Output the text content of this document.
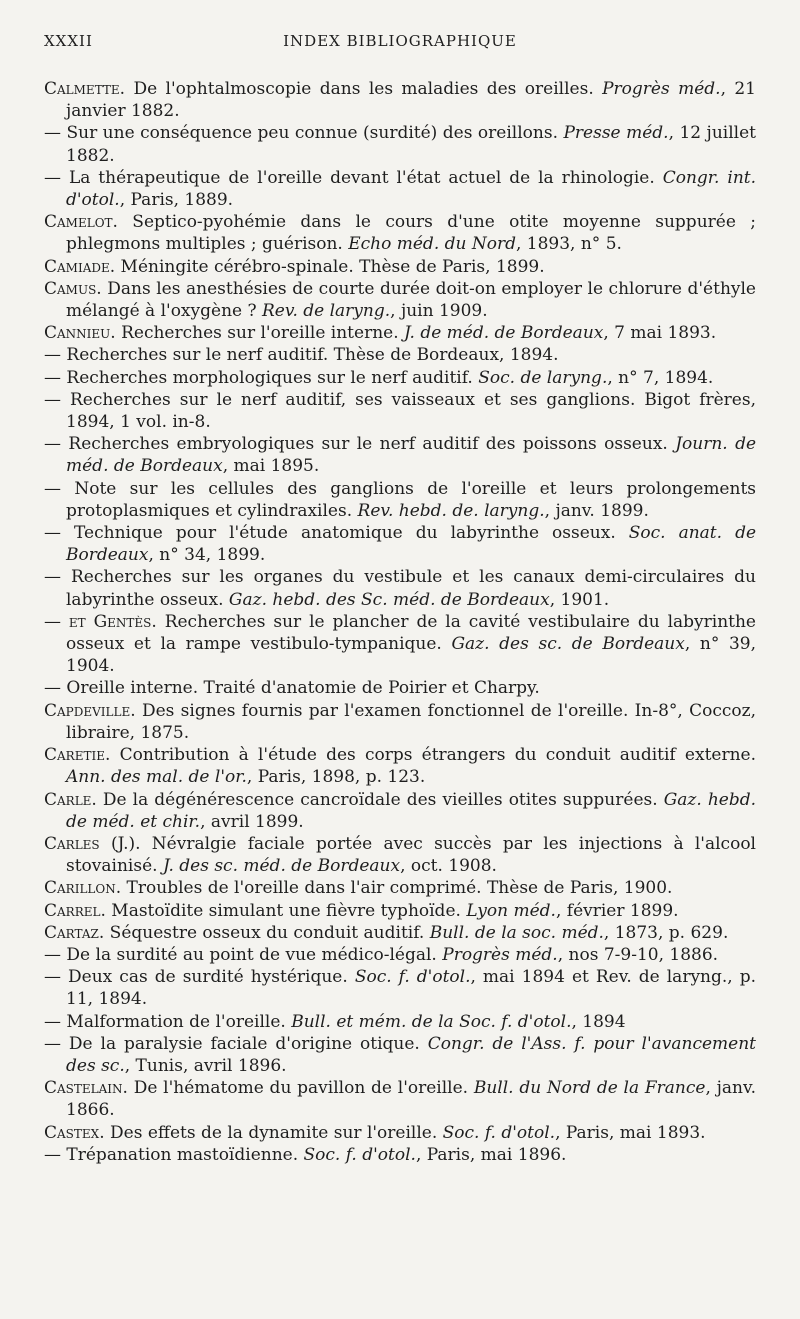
XXXII	INDEX BIBLIOGRAPHIQUE
Calmette. De l'ophtalmoscopie dans les maladies des oreilles. Progrès méd., 21 janvier 1882.
— Sur une conséquence peu connue (surdité) des oreillons. Presse méd., 12 juillet 1882.
— La thérapeutique de l'oreille devant l'état actuel de la rhinologie. Congr. int. d'otol., Paris, 1889.
Camelot. Septico-pyohémie dans le cours d'une otite moyenne suppurée ; phlegmons multiples ; guérison. Echo méd. du Nord, 1893, n° 5.
Camiade. Méningite cérébro-spinale. Thèse de Paris, 1899.
Camus. Dans les anesthésies de courte durée doit-on employer le chlorure d'éthyle mélangé à l'oxygène ? Rev. de laryng., juin 1909.
Cannieu. Recherches sur l'oreille interne. J. de méd. de Bordeaux, 7 mai 1893.
— Recherches sur le nerf auditif. Thèse de Bordeaux, 1894.
— Recherches morphologiques sur le nerf auditif. Soc. de laryng., n° 7, 1894.
— Recherches sur le nerf auditif, ses vaisseaux et ses ganglions. Bigot frères, 1894, 1 vol. in-8.
— Recherches embryologiques sur le nerf auditif des poissons osseux. Journ. de méd. de Bordeaux, mai 1895.
— Note sur les cellules des ganglions de l'oreille et leurs prolongements protoplasmiques et cylindraxiles. Rev. hebd. de. laryng., janv. 1899.
— Technique pour l'étude anatomique du labyrinthe osseux. Soc. anat. de Bordeaux, n° 34, 1899.
— Recherches sur les organes du vestibule et les canaux demi-circulaires du labyrinthe osseux. Gaz. hebd. des Sc. méd. de Bordeaux, 1901.
— et Gentès. Recherches sur le plancher de la cavité vestibulaire du labyrinthe osseux et la rampe vestibulo-tympanique. Gaz. des sc. de Bordeaux, n° 39, 1904.
— Oreille interne. Traité d'anatomie de Poirier et Charpy.
Capdeville. Des signes fournis par l'examen fonctionnel de l'oreille. In-8°, Coccoz, libraire, 1875.
Caretie. Contribution à l'étude des corps étrangers du conduit auditif externe. Ann. des mal. de l'or., Paris, 1898, p. 123.
Carle. De la dégénérescence cancroïdale des vieilles otites suppurées. Gaz. hebd. de méd. et chir., avril 1899.
Carles (J.). Névralgie faciale portée avec succès par les injections à l'alcool stovainisé. J. des sc. méd. de Bordeaux, oct. 1908.
Carillon. Troubles de l'oreille dans l'air comprimé. Thèse de Paris, 1900.
Carrel. Mastoïdite simulant une fièvre typhoïde. Lyon méd., février 1899.
Cartaz. Séquestre osseux du conduit auditif. Bull. de la soc. méd., 1873, p. 629.
— De la surdité au point de vue médico-légal. Progrès méd., nos 7-9-10, 1886.
— Deux cas de surdité hystérique. Soc. f. d'otol., mai 1894 et Rev. de laryng., p. 11, 1894.
— Malformation de l'oreille. Bull. et mém. de la Soc. f. d'otol., 1894
— De la paralysie faciale d'origine otique. Congr. de l'Ass. f. pour l'avancement des sc., Tunis, avril 1896.
Castelain. De l'hématome du pavillon de l'oreille. Bull. du Nord de la France, janv. 1866.
Castex. Des effets de la dynamite sur l'oreille. Soc. f. d'otol., Paris, mai 1893.
— Trépanation mastoïdienne. Soc. f. d'otol., Paris, mai 1896.
